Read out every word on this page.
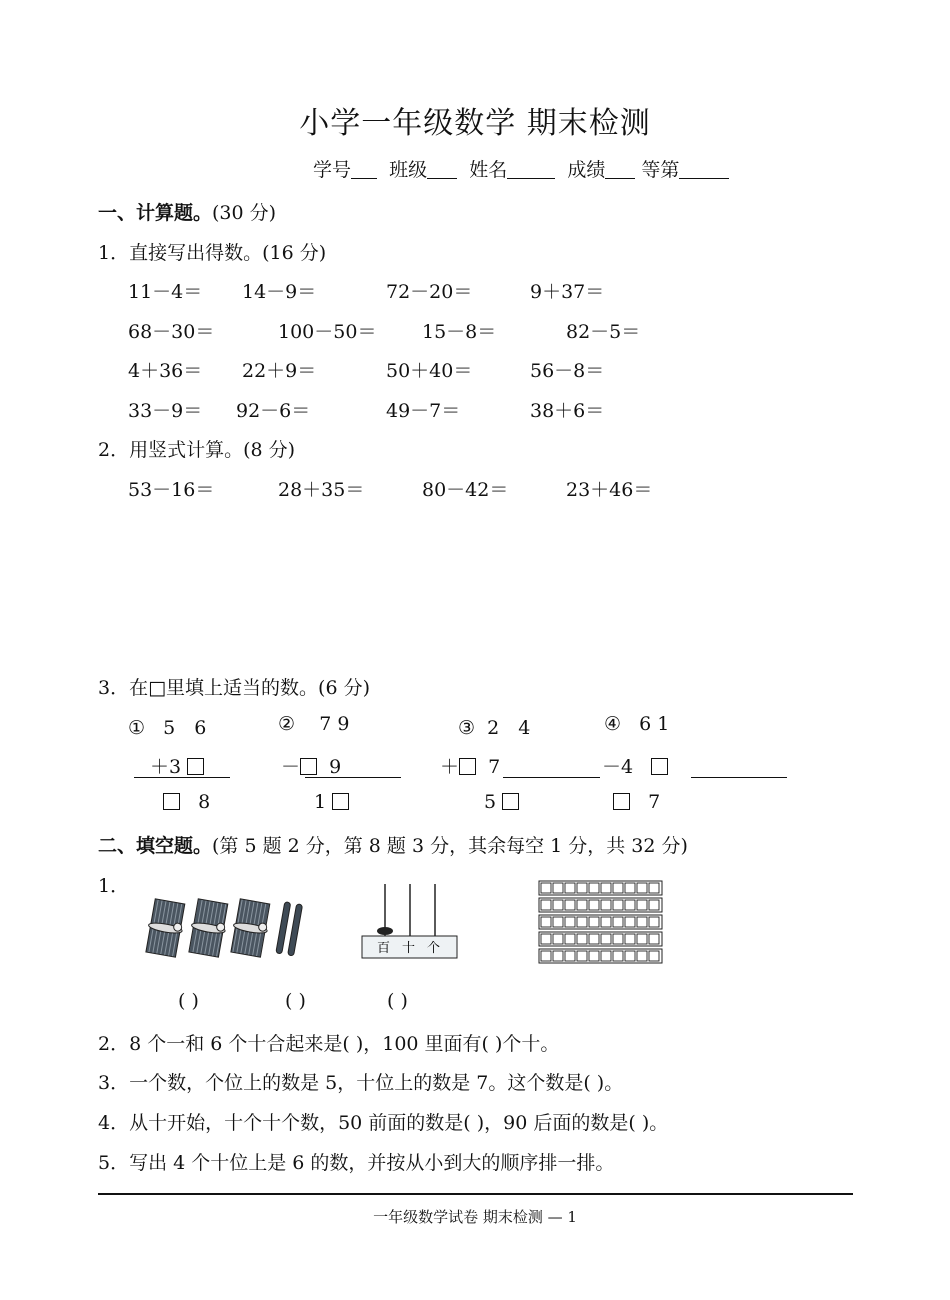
小学一年级数学 期末检测
学号 班级 姓名	成绩 等第
一、计算题。(30 分)
1．直接写出得数。(16 分)
11－4＝ 14－9＝	72－20＝	9＋37＝
68－30＝	100－50＝ 15－8＝	82－5＝
4＋36＝ 22＋9＝	50＋40＝	56－8＝
33－9＝ 92－6＝	49－7＝	38＋6＝
2．用竖式计算。(8 分)
53－16＝	28＋35＝	80－42＝	23＋46＝
3．在□里填上适当的数。(6 分)
① 5　6
＋3
8
② 7 9
－ 9
1
③ 2　4
＋ 7
5
④ 6 1
－4
7
二、填空题。(第 5 题 2 分，第 8 题 3 分，其余每空 1 分，共 32 分)
1．
百 十 个
( )	( )	( )
2．8 个一和 6 个十合起来是( )，100 里面有( )个十。
3．一个数，个位上的数是 5，十位上的数是 7。这个数是( )。
4．从十开始，十个十个数，50 前面的数是( )，90 后面的数是( )。
5．写出 4 个十位上是 6 的数，并按从小到大的顺序排一排。
一年级数学试卷 期末检测 — 1
